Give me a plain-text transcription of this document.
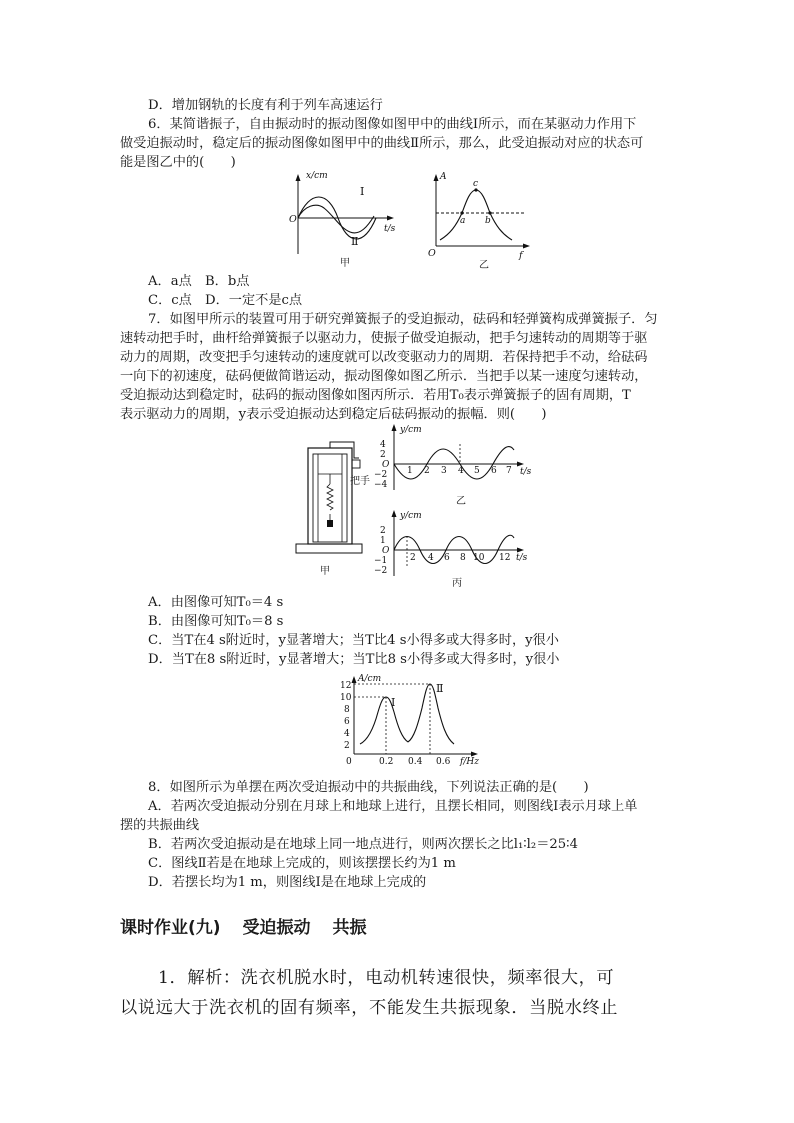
D．增加钢轨的长度有利于列车高速运行
6．某简谐振子，自由振动时的振动图像如图甲中的曲线Ⅰ所示，而在某驱动力作用下
做受迫振动时，稳定后的振动图像如图甲中的曲线Ⅱ所示，那么，此受迫振动对应的状态可
能是图乙中的(　　)
x/cm
O
t/s
Ⅰ
Ⅱ
甲
A
O	f
c
a b
乙
A．a点　B．b点
C．c点　D．一定不是c点
7．如图甲所示的装置可用于研究弹簧振子的受迫振动，砝码和轻弹簧构成弹簧振子．匀
速转动把手时，曲杆给弹簧振子以驱动力，使振子做受迫振动，把手匀速转动的周期等于驱
动力的周期，改变把手匀速转动的速度就可以改变驱动力的周期．若保持把手不动，给砝码
一向下的初速度，砝码便做简谐运动，振动图像如图乙所示．当把手以某一速度匀速转动，
受迫振动达到稳定时，砝码的振动图像如图丙所示．若用T₀表示弹簧振子的固有周期，T
表示驱动力的周期，y表示受迫振动达到稳定后砝码振动的振幅．则(　　)
把手
甲
y/cm
4
2
O
−2
−4
1 2 3 4 5 6 7 t/s
乙
y/cm
2
1
O
−1
−2
2 4 6 8 10 12 t/s
丙
A．由图像可知T₀＝4 s
B．由图像可知T₀＝8 s
C．当T在4 s附近时，y显著增大；当T比4 s小得多或大得多时，y很小
D．当T在8 s附近时，y显著增大；当T比8 s小得多或大得多时，y很小
A/cm
12
10
8
6
4
2
0	0.2 0.4 0.6 f/Hz
Ⅰ
Ⅱ
8．如图所示为单摆在两次受迫振动中的共振曲线，下列说法正确的是(　　)
A．若两次受迫振动分别在月球上和地球上进行，且摆长相同，则图线Ⅰ表示月球上单
摆的共振曲线
B．若两次受迫振动是在地球上同一地点进行，则两次摆长之比l₁∶l₂＝25∶4
C．图线Ⅱ若是在地球上完成的，则该摆摆长约为1 m
D．若摆长均为1 m，则图线Ⅰ是在地球上完成的
课时作业(九) 受迫振动 共振
1．解析：洗衣机脱水时，电动机转速很快，频率很大，可
以说远大于洗衣机的固有频率，不能发生共振现象．当脱水终止
